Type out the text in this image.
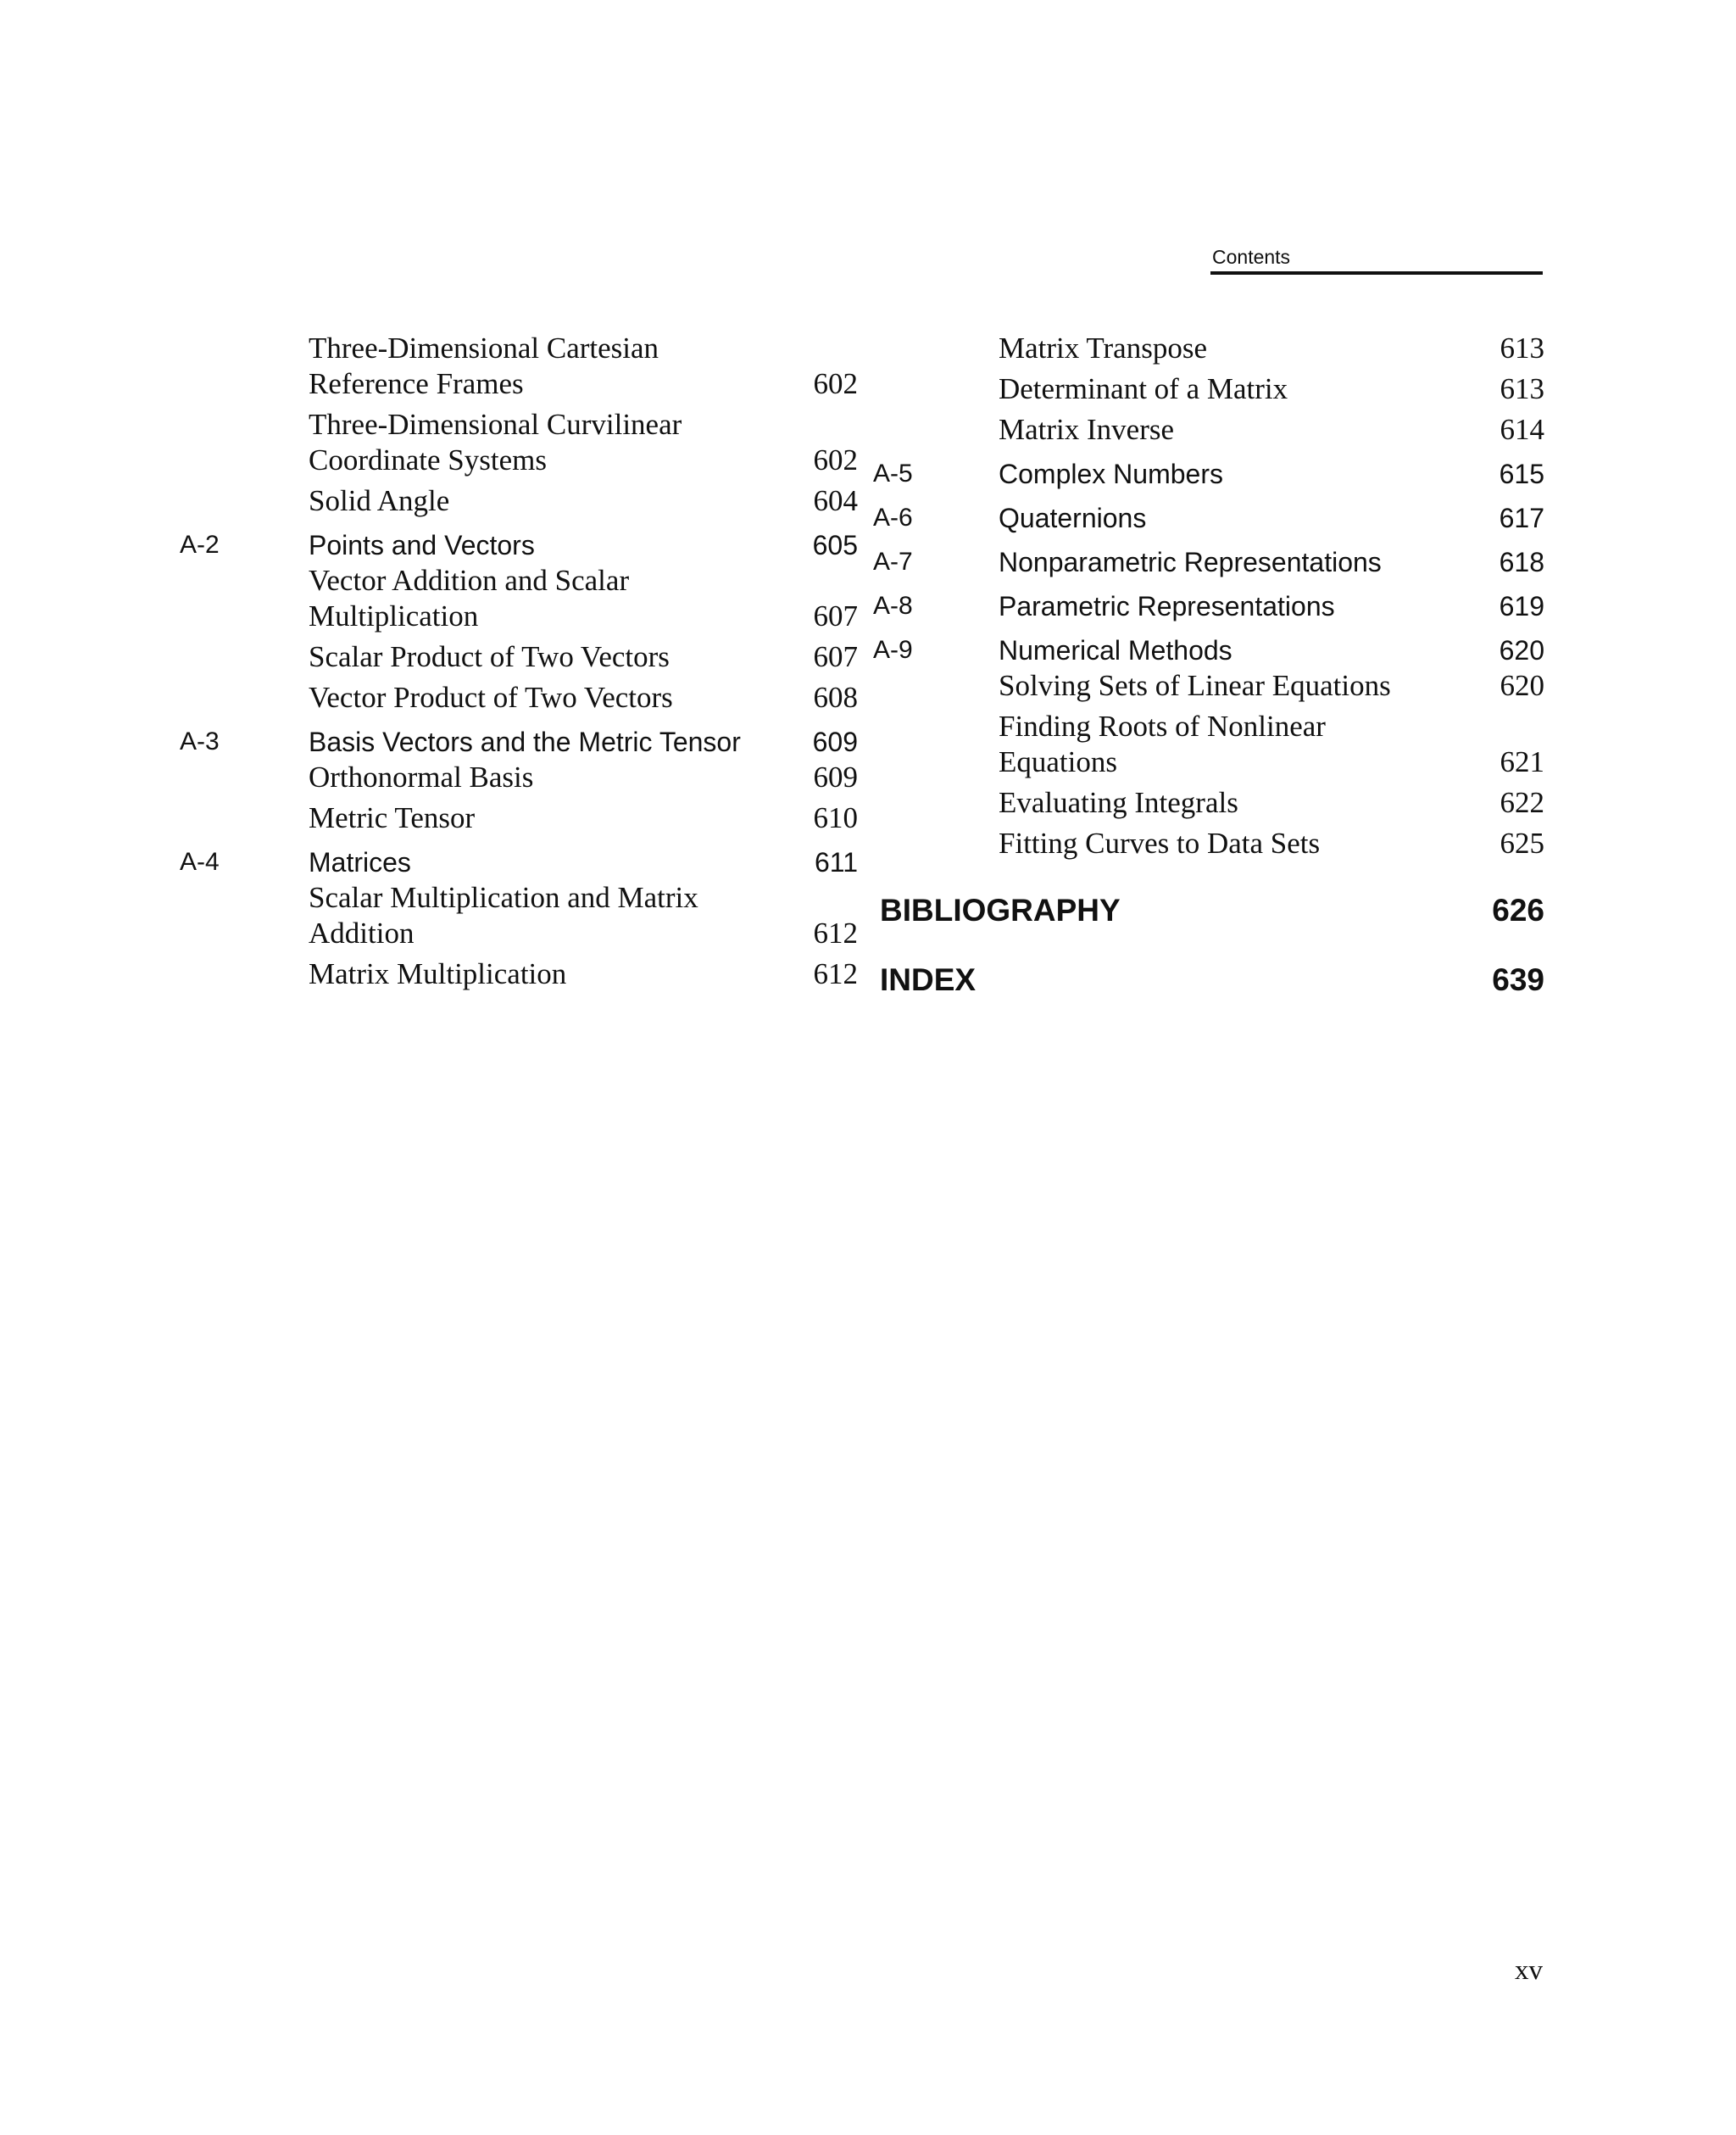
Contents
Three-Dimensional Cartesian Reference Frames	602
Three-Dimensional Curvilinear Coordinate Systems	602
Solid Angle	604
A-2	Points and Vectors	605
Vector Addition and Scalar Multiplication	607
Scalar Product of Two Vectors	607
Vector Product of Two Vectors	608
A-3	Basis Vectors and the Metric Tensor	609
Orthonormal Basis	609
Metric Tensor	610
A-4	Matrices	611
Scalar Multiplication and Matrix Addition	612
Matrix Multiplication	612
Matrix Transpose	613
Determinant of a Matrix	613
Matrix Inverse	614
A-5	Complex Numbers	615
A-6	Quaternions	617
A-7	Nonparametric Representations	618
A-8	Parametric Representations	619
A-9	Numerical Methods	620
Solving Sets of Linear Equations	620
Finding Roots of Nonlinear Equations	621
Evaluating Integrals	622
Fitting Curves to Data Sets	625
BIBLIOGRAPHY	626
INDEX	639
xv
